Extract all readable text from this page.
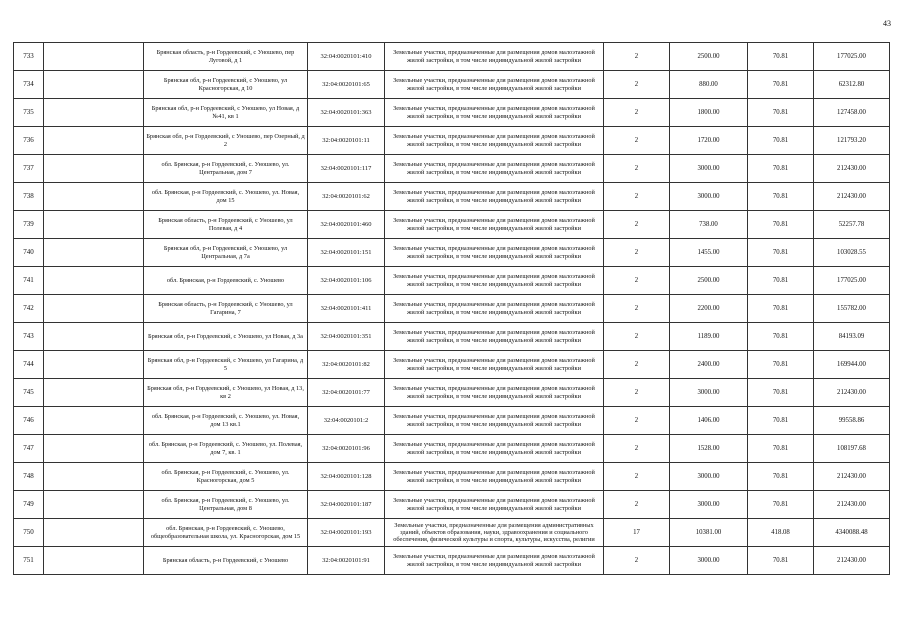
43
733		Брянская область, р-н Гордеевский, с Уношево, пер Луговой, д 1	32:04:0020101:410	Земельные участки, предназначенные для размещения домов малоэтажной жилой застройки, в том числе индивидуальной жилой застройки	2	2500.00	70.81	177025.00
734		Брянская обл, р-н Гордеевский, с Уношево, ул Красногорская, д 10	32:04:0020101:65	Земельные участки, предназначенные для размещения домов малоэтажной жилой застройки, в том числе индивидуальной жилой застройки	2	880.00	70.81	62312.80
735		Брянская обл, р-н Гордеевский, с Уношево, ул Новая, д №41, кв 1	32:04:0020101:363	Земельные участки, предназначенные для размещения домов малоэтажной жилой застройки, в том числе индивидуальной жилой застройки	2	1800.00	70.81	127458.00
736		Брянская обл, р-н Гордеевский, с Уношево, пер Озерный, д 2	32:04:0020101:11	Земельные участки, предназначенные для размещения домов малоэтажной жилой застройки, в том числе индивидуальной жилой застройки	2	1720.00	70.81	121793.20
737		обл. Брянская, р-н Гордеевский, с. Уношево, ул. Центральная, дом 7	32:04:0020101:117	Земельные участки, предназначенные для размещения домов малоэтажной жилой застройки, в том числе индивидуальной жилой застройки	2	3000.00	70.81	212430.00
738		обл. Брянская, р-н Гордеевский, с. Уношево, ул. Новая, дом 15	32:04:0020101:62	Земельные участки, предназначенные для размещения домов малоэтажной жилой застройки, в том числе индивидуальной жилой застройки	2	3000.00	70.81	212430.00
739		Брянская область, р-н Гордеевский, с Уношево, ул Полевая, д 4	32:04:0020101:460	Земельные участки, предназначенные для размещения домов малоэтажной жилой застройки, в том числе индивидуальной жилой застройки	2	738.00	70.81	52257.78
740		Брянская обл, р-н Гордеевский, с Уношево, ул Центральная, д 7а	32:04:0020101:151	Земельные участки, предназначенные для размещения домов малоэтажной жилой застройки, в том числе индивидуальной жилой застройки	2	1455.00	70.81	103028.55
741		обл. Брянская, р-н Гордеевский, с. Уношево	32:04:0020101:106	Земельные участки, предназначенные для размещения домов малоэтажной жилой застройки, в том числе индивидуальной жилой застройки	2	2500.00	70.81	177025.00
742		Брянская область, р-н Гордеевский, с Уношево, ул Гагарина, 7	32:04:0020101:411	Земельные участки, предназначенные для размещения домов малоэтажной жилой застройки, в том числе индивидуальной жилой застройки	2	2200.00	70.81	155782.00
743		Брянская обл, р-н Гордеевский, с Уношево, ул Новая, д 3а	32:04:0020101:351	Земельные участки, предназначенные для размещения домов малоэтажной жилой застройки, в том числе индивидуальной жилой застройки	2	1189.00	70.81	84193.09
744		Брянская обл, р-н Гордеевский, с Уношево, ул Гагарина, д 5	32:04:0020101:82	Земельные участки, предназначенные для размещения домов малоэтажной жилой застройки, в том числе индивидуальной жилой застройки	2	2400.00	70.81	169944.00
745		Брянская обл, р-н Гордеевский, с Уношево, ул Новая, д 13, кв 2	32:04:0020101:77	Земельные участки, предназначенные для размещения домов малоэтажной жилой застройки, в том числе индивидуальной жилой застройки	2	3000.00	70.81	212430.00
746		обл. Брянская, р-н Гордеевский, с. Уношево, ул. Новая, дом 13 кв.1	32:04:0020101:2	Земельные участки, предназначенные для размещения домов малоэтажной жилой застройки, в том числе индивидуальной жилой застройки	2	1406.00	70.81	99558.86
747		обл. Брянская, р-н Гордеевский, с. Уношево, ул. Полевая, дом 7, кв. 1	32:04:0020101:96	Земельные участки, предназначенные для размещения домов малоэтажной жилой застройки, в том числе индивидуальной жилой застройки	2	1528.00	70.81	108197.68
748		обл. Брянская, р-н Гордеевский, с. Уношево, ул. Красногорская, дом 5	32:04:0020101:128	Земельные участки, предназначенные для размещения домов малоэтажной жилой застройки, в том числе индивидуальной жилой застройки	2	3000.00	70.81	212430.00
749		обл. Брянская, р-н Гордеевский, с. Уношево, ул. Центральная, дом 8	32:04:0020101:187	Земельные участки, предназначенные для размещения домов малоэтажной жилой застройки, в том числе индивидуальной жилой застройки	2	3000.00	70.81	212430.00
750		обл. Брянская, р-н Гордеевский, с. Уношево, общеобразовательная школа, ул. Красногорская, дом 15	32:04:0020101:193	Земельные участки, предназначенные для размещения административных зданий, объектов образования, науки, здравоохранения и социального обеспечения, физической культуры и спорта, культуры, искусства, религии	17	10381.00	418.08	4340088.48
751		Брянская область, р-н Гордеевский, с Уношево	32:04:0020101:91	Земельные участки, предназначенные для размещения домов малоэтажной жилой застройки, в том числе индивидуальной жилой застройки	2	3000.00	70.81	212430.00
